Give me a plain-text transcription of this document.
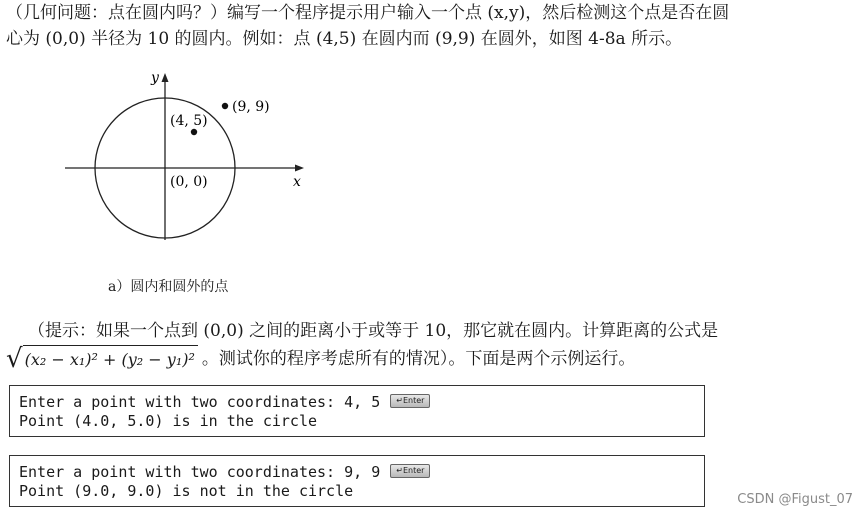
（几何问题：点在圆内吗？）编写一个程序提示用户输入一个点 (x,y)，然后检测这个点是否在圆
心为 (0,0) 半径为 10 的圆内。例如：点 (4,5) 在圆内而 (9,9) 在圆外，如图 4-8a 所示。
y
x
(4, 5)
(9, 9)
(0, 0)
a）圆内和圆外的点
（提示：如果一个点到 (0,0) 之间的距离小于或等于 10，那它就在圆内。计算距离的公式是
√ (x₂ − x₁)² + (y₂ − y₁)² 。测试你的程序考虑所有的情况）。下面是两个示例运行。
Enter a point with two coordinates: 4, 5 ↵Enter
Point (4.0, 5.0) is in the circle
Enter a point with two coordinates: 9, 9 ↵Enter
Point (9.0, 9.0) is not in the circle	CSDN @Figust_07
